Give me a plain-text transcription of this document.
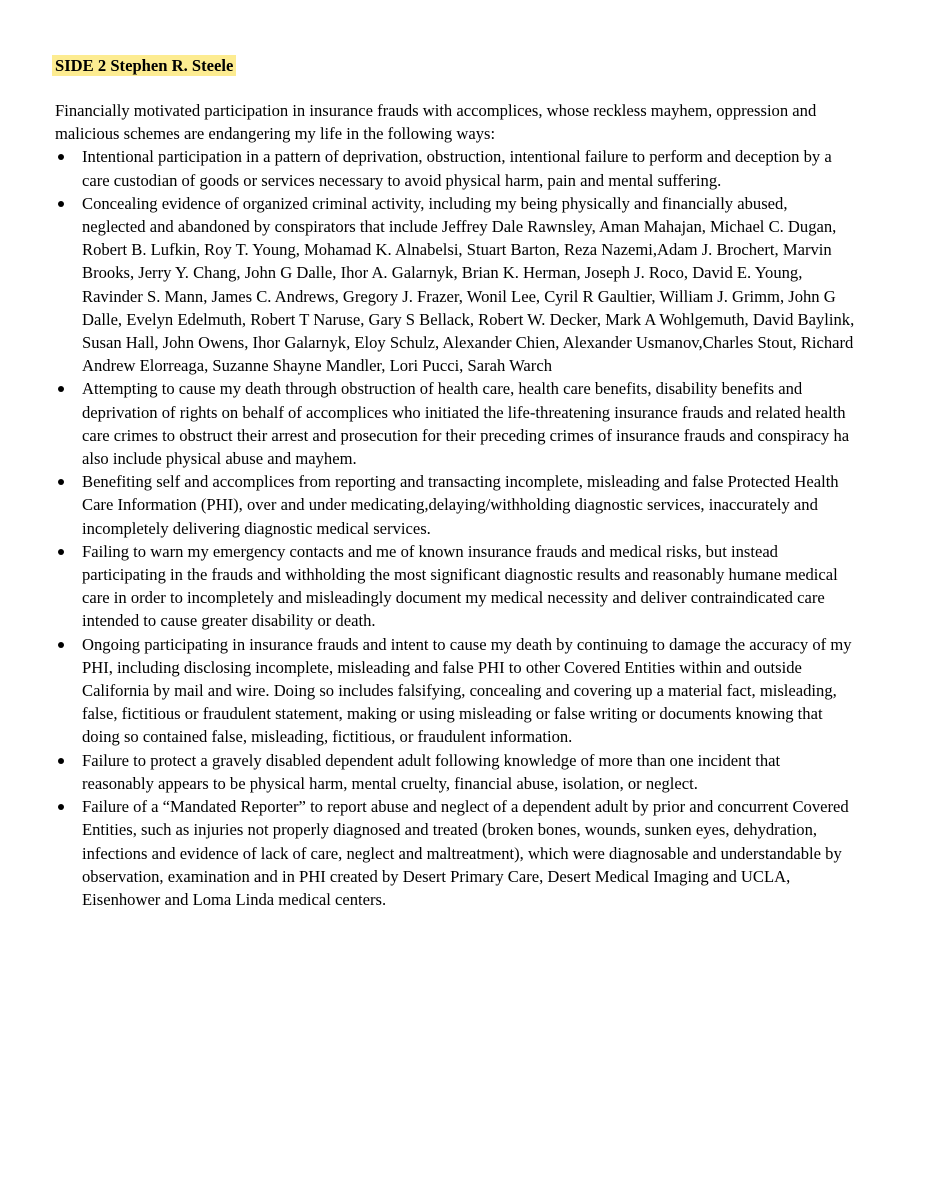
SIDE 2 Stephen R. Steele

Financially motivated participation in insurance frauds with accomplices, whose reckless mayhem, oppression and malicious schemes are endangering my life in the following ways:

Intentional participation in a pattern of deprivation, obstruction, intentional failure to perform and deception by a care custodian of goods or services necessary to avoid physical harm, pain and mental suffering.
Concealing evidence of organized criminal activity, including my being physically and financially abused, neglected and abandoned by conspirators that include Jeffrey Dale Rawnsley, Aman Mahajan, Michael C. Dugan, Robert B. Lufkin, Roy T. Young, Mohamad K. Alnabelsi, Stuart Barton, Reza Nazemi,Adam J. Brochert, Marvin Brooks, Jerry Y. Chang, John G Dalle, Ihor A. Galarnyk, Brian K. Herman, Joseph J. Roco, David E. Young, Ravinder S. Mann, James C. Andrews, Gregory J. Frazer, Wonil Lee, Cyril R Gaultier, William J. Grimm, John G Dalle, Evelyn Edelmuth, Robert T Naruse, Gary S Bellack, Robert W. Decker, Mark A Wohlgemuth, David Baylink, Susan Hall, John Owens, Ihor Galarnyk, Eloy Schulz, Alexander Chien, Alexander Usmanov,Charles Stout, Richard Andrew Elorreaga, Suzanne Shayne Mandler, Lori Pucci, Sarah Warch
Attempting to cause my death through obstruction of health care, health care benefits, disability benefits and deprivation of rights on behalf of accomplices who initiated the life-threatening insurance frauds and related health care crimes to obstruct their arrest and prosecution for their preceding crimes of insurance frauds and conspiracy ha also include physical abuse and mayhem.
Benefiting self and accomplices from reporting and transacting incomplete, misleading and false Protected Health Care Information (PHI), over and under medicating,delaying/withholding diagnostic services, inaccurately and incompletely delivering diagnostic medical services.
Failing to warn my emergency contacts and me of known insurance frauds and medical risks, but instead participating in the frauds and withholding the most significant diagnostic results and reasonably humane medical care in order to incompletely and misleadingly document my medical necessity and deliver contraindicated care intended to cause greater disability or death.
Ongoing participating in insurance frauds and intent to cause my death by continuing to damage the accuracy of my PHI, including disclosing incomplete, misleading and false PHI to other Covered Entities within and outside California by mail and wire. Doing so includes falsifying, concealing and covering up a material fact, misleading, false, fictitious or fraudulent statement, making or using misleading or false writing or documents knowing that doing so contained false, misleading, fictitious, or fraudulent information.
Failure to protect a gravely disabled dependent adult following knowledge of more than one incident that reasonably appears to be physical harm, mental cruelty, financial abuse, isolation, or neglect.
Failure of a “Mandated Reporter” to report abuse and neglect of a dependent adult by prior and concurrent Covered Entities, such as injuries not properly diagnosed and treated (broken bones, wounds, sunken eyes, dehydration, infections and evidence of lack of care, neglect and maltreatment), which were diagnosable and understandable by observation, examination and in PHI created by Desert Primary Care, Desert Medical Imaging and UCLA, Eisenhower and Loma Linda medical centers.
